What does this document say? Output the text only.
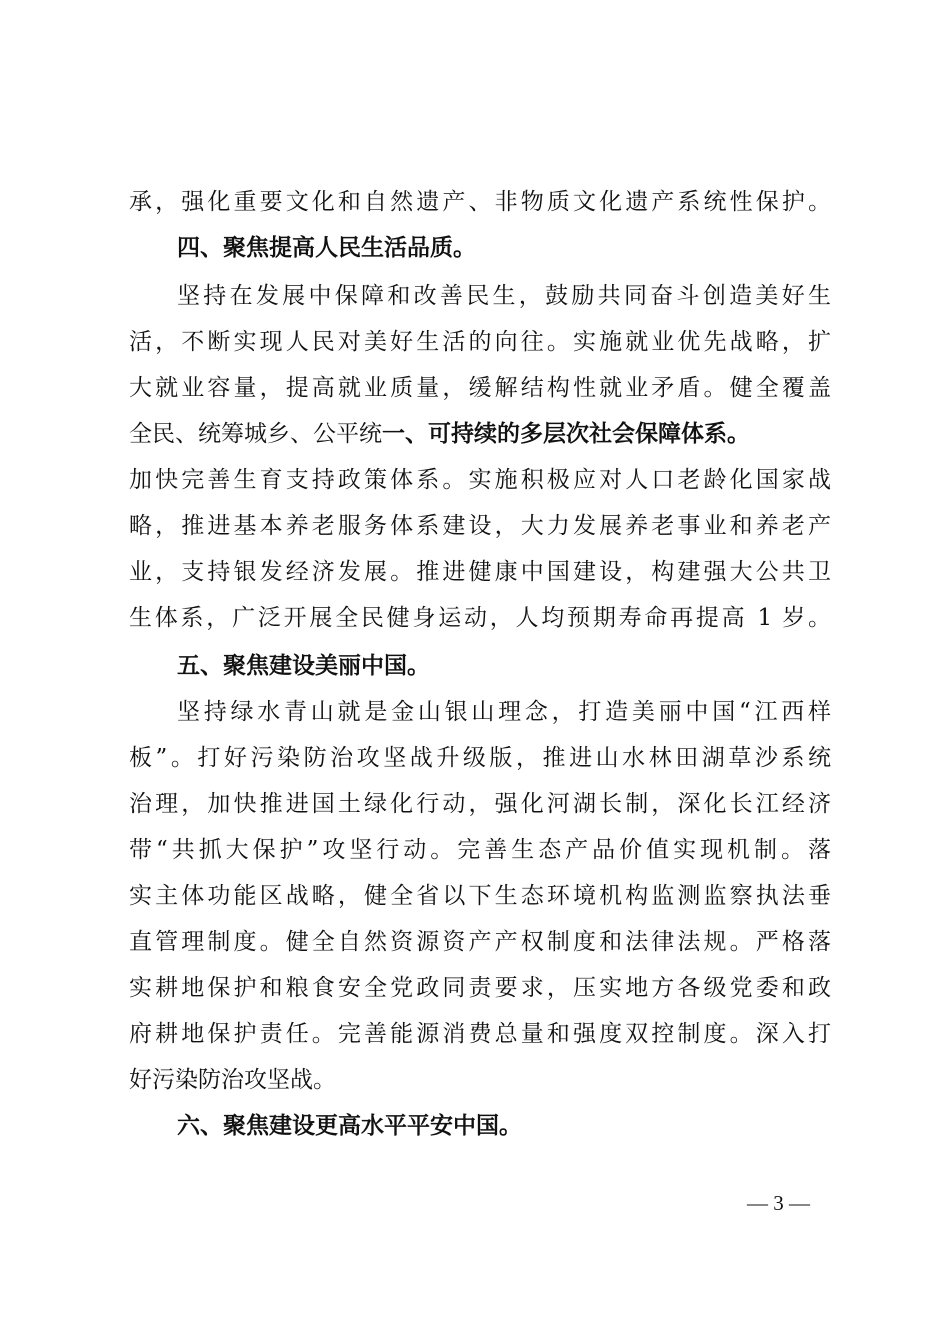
承，强化重要文化和自然遗产、非物质文化遗产系统性保护。
四、聚焦提高人民生活品质。
坚持在发展中保障和改善民生，鼓励共同奋斗创造美好生
活，不断实现人民对美好生活的向往。实施就业优先战略，扩
大就业容量，提高就业质量，缓解结构性就业矛盾。健全覆盖
全民、统筹城乡、公平统一、可持续的多层次社会保障体系。
加快完善生育支持政策体系。实施积极应对人口老龄化国家战
略，推进基本养老服务体系建设，大力发展养老事业和养老产
业，支持银发经济发展。推进健康中国建设，构建强大公共卫
生体系，广泛开展全民健身运动，人均预期寿命再提高 1 岁。
五、聚焦建设美丽中国。
坚持绿水青山就是金山银山理念，打造美丽中国“江西样
板”。打好污染防治攻坚战升级版，推进山水林田湖草沙系统
治理，加快推进国土绿化行动，强化河湖长制，深化长江经济
带“共抓大保护”攻坚行动。完善生态产品价值实现机制。落
实主体功能区战略，健全省以下生态环境机构监测监察执法垂
直管理制度。健全自然资源资产产权制度和法律法规。严格落
实耕地保护和粮食安全党政同责要求，压实地方各级党委和政
府耕地保护责任。完善能源消费总量和强度双控制度。深入打
好污染防治攻坚战。
六、聚焦建设更高水平平安中国。
— 3 —
